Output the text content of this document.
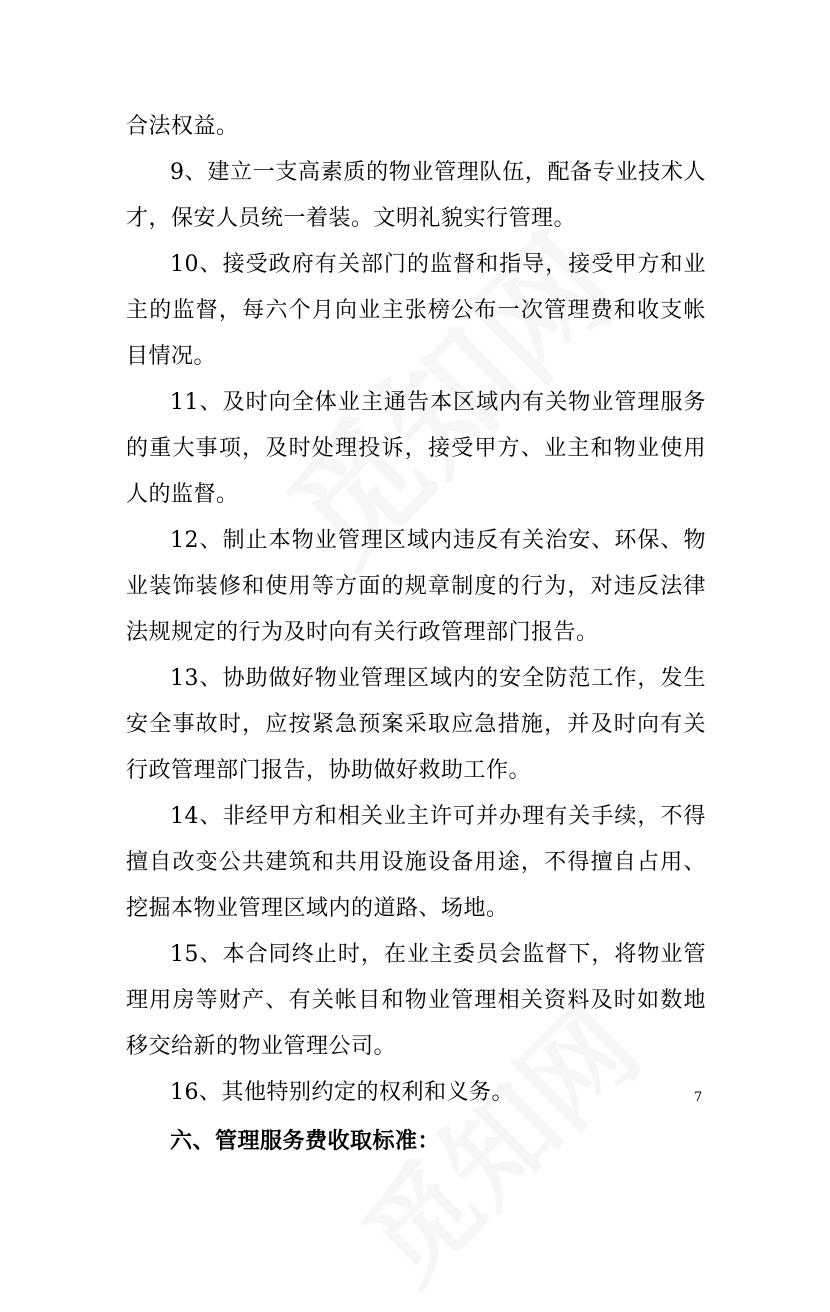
合法权益。

9、建立一支高素质的物业管理队伍，配备专业技术人才，保安人员统一着装。文明礼貌实行管理。

10、接受政府有关部门的监督和指导，接受甲方和业主的监督，每六个月向业主张榜公布一次管理费和收支帐目情况。

11、及时向全体业主通告本区域内有关物业管理服务的重大事项，及时处理投诉，接受甲方、业主和物业使用人的监督。

12、制止本物业管理区域内违反有关治安、环保、物业装饰装修和使用等方面的规章制度的行为，对违反法律法规规定的行为及时向有关行政管理部门报告。

13、协助做好物业管理区域内的安全防范工作，发生安全事故时，应按紧急预案采取应急措施，并及时向有关行政管理部门报告，协助做好救助工作。

14、非经甲方和相关业主许可并办理有关手续，不得擅自改变公共建筑和共用设施设备用途，不得擅自占用、挖掘本物业管理区域内的道路、场地。

15、本合同终止时，在业主委员会监督下，将物业管理用房等财产、有关帐目和物业管理相关资料及时如数地移交给新的物业管理公司。

16、其他特别约定的权利和义务。

六、管理服务费收取标准：

7
